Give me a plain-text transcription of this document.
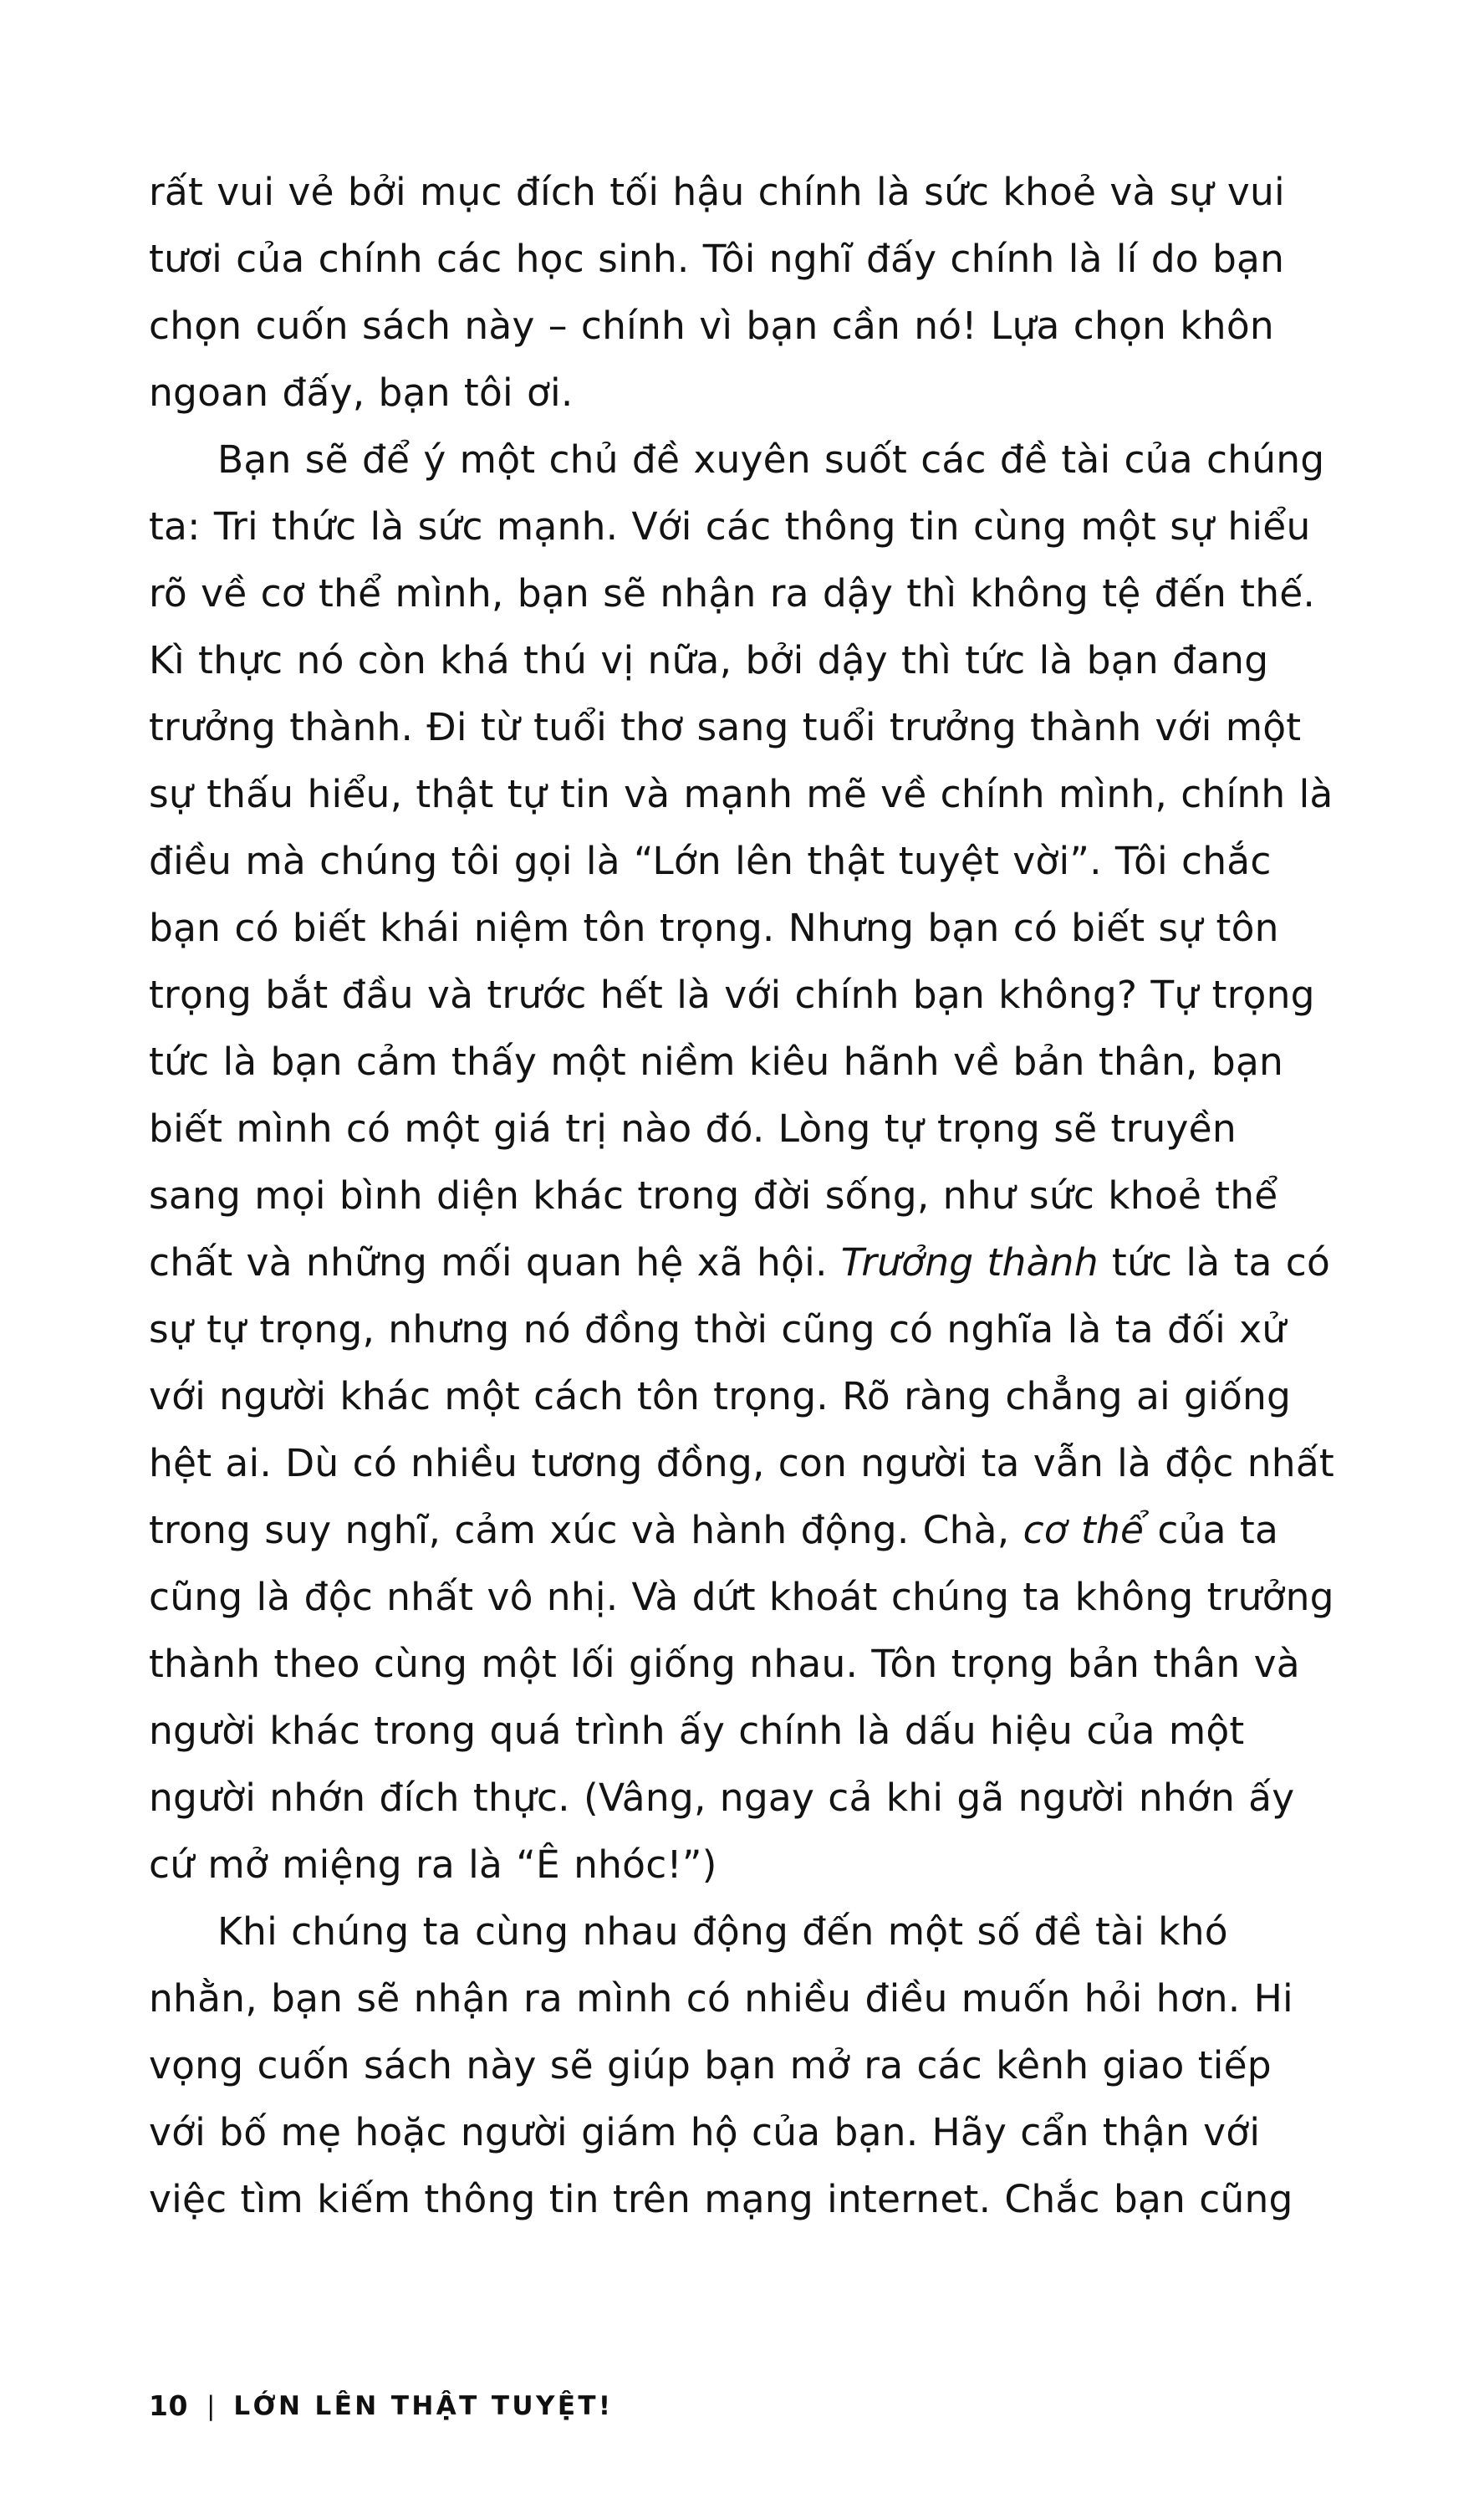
rất vui vẻ bởi mục đích tối hậu chính là sức khoẻ và sự vui tươi của chính các học sinh. Tôi nghĩ đấy chính là lí do bạn chọn cuốn sách này – chính vì bạn cần nó! Lựa chọn khôn ngoan đấy, bạn tôi ơi.

Bạn sẽ để ý một chủ đề xuyên suốt các đề tài của chúng ta: Tri thức là sức mạnh. Với các thông tin cùng một sự hiểu rõ về cơ thể mình, bạn sẽ nhận ra dậy thì không tệ đến thế. Kì thực nó còn khá thú vị nữa, bởi dậy thì tức là bạn đang trưởng thành. Đi từ tuổi thơ sang tuổi trưởng thành với một sự thấu hiểu, thật tự tin và mạnh mẽ về chính mình, chính là điều mà chúng tôi gọi là “Lớn lên thật tuyệt vời”. Tôi chắc bạn có biết khái niệm tôn trọng. Nhưng bạn có biết sự tôn trọng bắt đầu và trước hết là với chính bạn không? Tự trọng tức là bạn cảm thấy một niềm kiêu hãnh về bản thân, bạn biết mình có một giá trị nào đó. Lòng tự trọng sẽ truyền sang mọi bình diện khác trong đời sống, như sức khoẻ thể chất và những mối quan hệ xã hội. Trưởng thành tức là ta có sự tự trọng, nhưng nó đồng thời cũng có nghĩa là ta đối xử với người khác một cách tôn trọng. Rõ ràng chẳng ai giống hệt ai. Dù có nhiều tương đồng, con người ta vẫn là độc nhất trong suy nghĩ, cảm xúc và hành động. Chà, cơ thể của ta cũng là độc nhất vô nhị. Và dứt khoát chúng ta không trưởng thành theo cùng một lối giống nhau. Tôn trọng bản thân và người khác trong quá trình ấy chính là dấu hiệu của một người nhớn đích thực. (Vâng, ngay cả khi gã người nhớn ấy cứ mở miệng ra là “Ê nhóc!”)

Khi chúng ta cùng nhau động đến một số đề tài khó nhằn, bạn sẽ nhận ra mình có nhiều điều muốn hỏi hơn. Hi vọng cuốn sách này sẽ giúp bạn mở ra các kênh giao tiếp với bố mẹ hoặc người giám hộ của bạn. Hãy cẩn thận với việc tìm kiếm thông tin trên mạng internet. Chắc bạn cũng

10 | LỚN LÊN THẬT TUYỆT!
